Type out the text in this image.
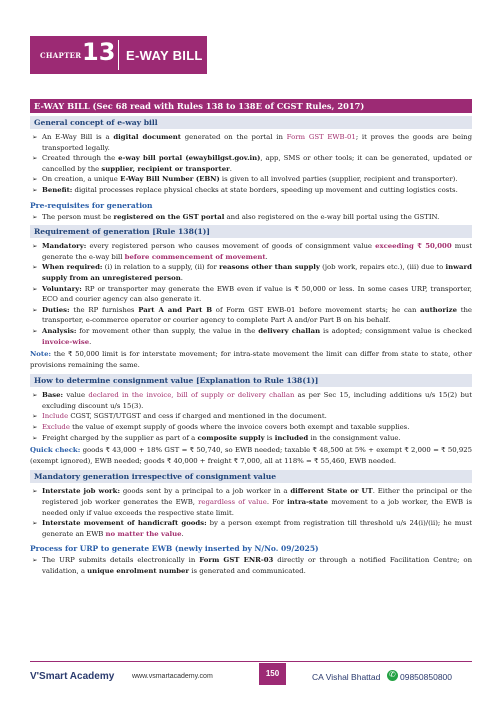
CHAPTER 13 E-WAY BILL
E-WAY BILL (Sec 68 read with Rules 138 to 138E of CGST Rules, 2017)
General concept of e-way bill
➢ An E-Way Bill is a digital document generated on the portal in Form GST EWB-01; it proves the goods are being transported legally.
➢ Created through the e-way bill portal (ewaybillgst.gov.in), app, SMS or other tools; it can be generated, updated or cancelled by the supplier, recipient or transporter.
➢ On creation, a unique E-Way Bill Number (EBN) is given to all involved parties (supplier, recipient and transporter).
➢ Benefit: digital processes replace physical checks at state borders, speeding up movement and cutting logistics costs.
Pre-requisites for generation
➢ The person must be registered on the GST portal and also registered on the e-way bill portal using the GSTIN.
Requirement of generation [Rule 138(1)]
➢ Mandatory: every registered person who causes movement of goods of consignment value exceeding ₹ 50,000 must generate the e-way bill before commencement of movement.
➢ When required: (i) in relation to a supply, (ii) for reasons other than supply (job work, repairs etc.), (iii) due to inward supply from an unregistered person.
➢ Voluntary: RP or transporter may generate the EWB even if value is ₹ 50,000 or less. In some cases URP, transporter, ECO and courier agency can also generate it.
➢ Duties: the RP furnishes Part A and Part B of Form GST EWB-01 before movement starts; he can authorize the transporter, e-commerce operator or courier agency to complete Part A and/or Part B on his behalf.
➢ Analysis: for movement other than supply, the value in the delivery challan is adopted; consignment value is checked invoice-wise.
Note: the ₹ 50,000 limit is for interstate movement; for intra-state movement the limit can differ from state to state, other provisions remaining the same.
How to determine consignment value [Explanation to Rule 138(1)]
➢ Base: value declared in the invoice, bill of supply or delivery challan as per Sec 15, including additions u/s 15(2) but excluding discount u/s 15(3).
➢ Include CGST, SGST/UTGST and cess if charged and mentioned in the document.
➢ Exclude the value of exempt supply of goods where the invoice covers both exempt and taxable supplies.
➢ Freight charged by the supplier as part of a composite supply is included in the consignment value.
Quick check: goods ₹ 43,000 + 18% GST = ₹ 50,740, so EWB needed; taxable ₹ 48,500 at 5% + exempt ₹ 2,000 = ₹ 50,925 (exempt ignored), EWB needed; goods ₹ 40,000 + freight ₹ 7,000, all at 118% = ₹ 55,460, EWB needed.
Mandatory generation irrespective of consignment value
➢ Interstate job work: goods sent by a principal to a job worker in a different State or UT. Either the principal or the registered job worker generates the EWB, regardless of value. For intra-state movement to a job worker, the EWB is needed only if value exceeds the respective state limit.
➢ Interstate movement of handicraft goods: by a person exempt from registration till threshold u/s 24(i)/(ii); he must generate an EWB no matter the value.
Process for URP to generate EWB (newly inserted by N/No. 09/2025)
➢ The URP submits details electronically in Form GST ENR-03 directly or through a notified Facilitation Centre; on validation, a unique enrolment number is generated and communicated.
V'Smart Academy	www.vsmartacademy.com	150	CA Vishal Bhattad
✆ 09850850800
